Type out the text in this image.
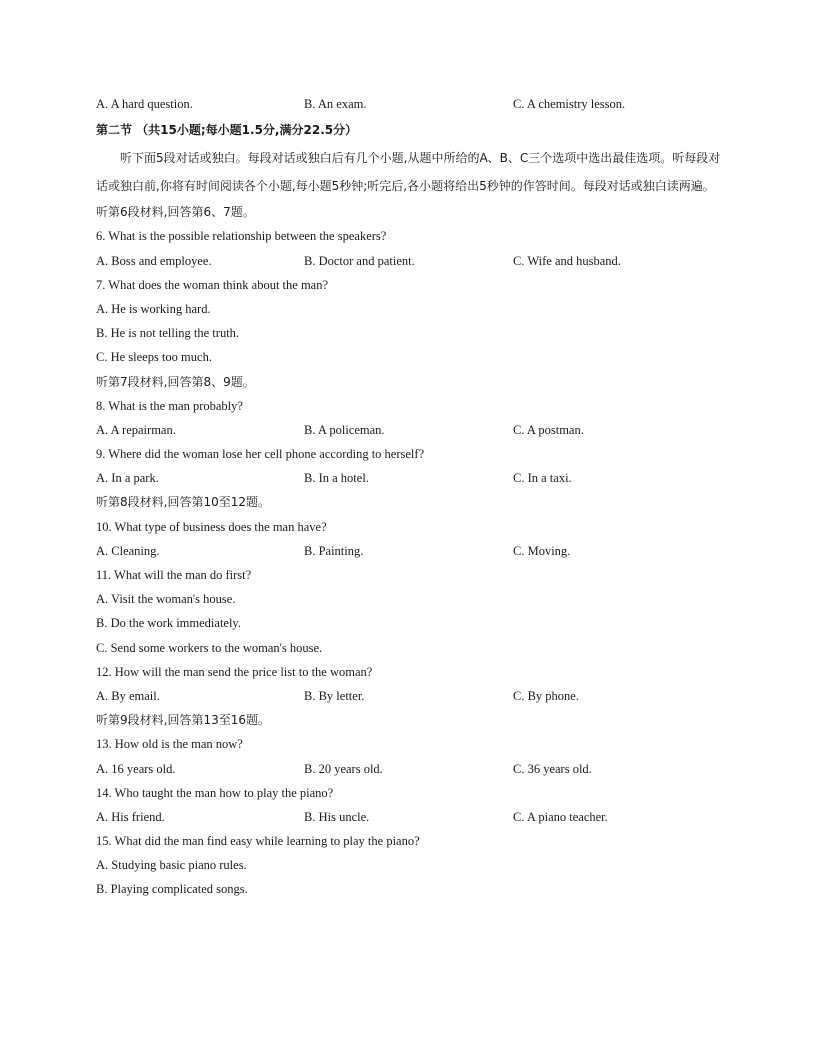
A. A hard question.	B. An exam.	C. A chemistry lesson.
第二节 （共15小题;每小题1.5分,满分22.5分）
听下面5段对话或独白。每段对话或独白后有几个小题,从题中所给的A、B、C三个选项中选出最佳选项。听每段对话或独白前,你将有时间阅读各个小题,每小题5秒钟;听完后,各小题将给出5秒钟的作答时间。每段对话或独白读两遍。
听第6段材料,回答第6、7题。
6. What is the possible relationship between the speakers?
A. Boss and employee.	B. Doctor and patient.	C. Wife and husband.
7. What does the woman think about the man?
A. He is working hard.
B. He is not telling the truth.
C. He sleeps too much.
听第7段材料,回答第8、9题。
8. What is the man probably?
A. A repairman.	B. A policeman.	C. A postman.
9. Where did the woman lose her cell phone according to herself?
A. In a park.	B. In a hotel.	C. In a taxi.
听第8段材料,回答第10至12题。
10. What type of business does the man have?
A. Cleaning.	B. Painting.	C. Moving.
11. What will the man do first?
A. Visit the woman's house.
B. Do the work immediately.
C. Send some workers to the woman's house.
12. How will the man send the price list to the woman?
A. By email.	B. By letter.	C. By phone.
听第9段材料,回答第13至16题。
13. How old is the man now?
A. 16 years old.	B. 20 years old.	C. 36 years old.
14. Who taught the man how to play the piano?
A. His friend.	B. His uncle.	C. A piano teacher.
15. What did the man find easy while learning to play the piano?
A. Studying basic piano rules.
B. Playing complicated songs.
